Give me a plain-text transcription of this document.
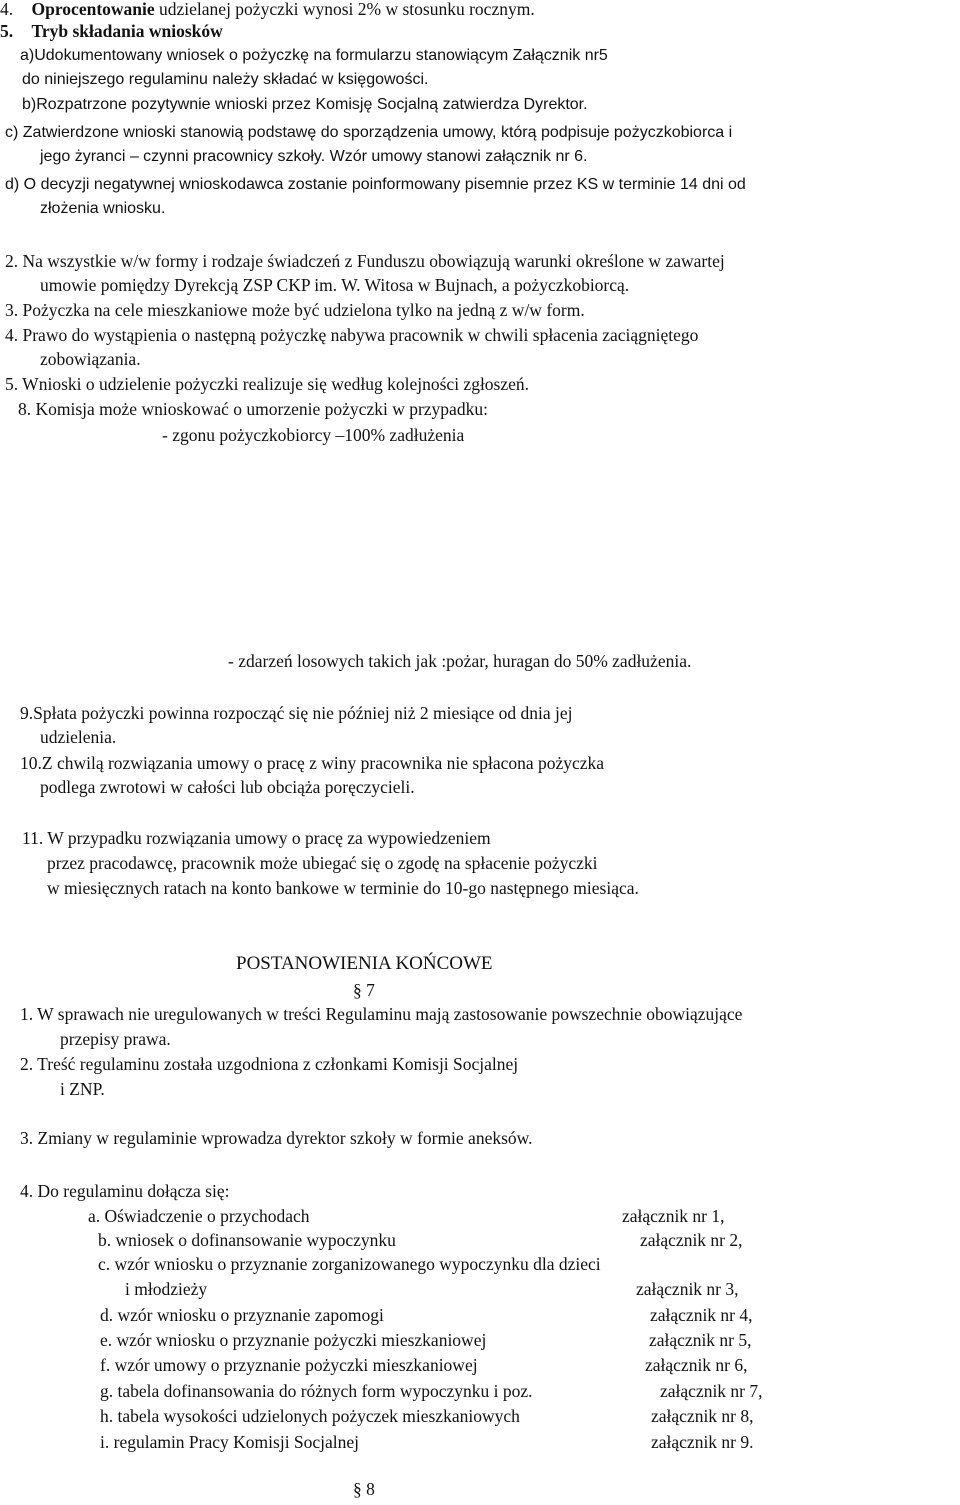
4. Oprocentowanie udzielanej pożyczki wynosi 2% w stosunku rocznym.
5. Tryb składania wniosków
a)Udokumentowany wniosek o pożyczkę na formularzu stanowiącym Załącznik nr5
do niniejszego regulaminu należy składać w księgowości.
b)Rozpatrzone pozytywnie wnioski przez Komisję Socjalną zatwierdza Dyrektor.
c) Zatwierdzone wnioski stanowią podstawę do sporządzenia umowy, którą podpisuje pożyczkobiorca i
jego żyranci – czynni pracownicy szkoły. Wzór umowy stanowi załącznik nr 6.
d) O decyzji negatywnej wnioskodawca zostanie poinformowany pisemnie przez KS w terminie 14 dni od
złożenia wniosku.
2. Na wszystkie w/w formy i rodzaje świadczeń z Funduszu obowiązują warunki określone w zawartej
umowie pomiędzy Dyrekcją ZSP CKP im. W. Witosa w Bujnach, a pożyczkobiorcą.
3. Pożyczka na cele mieszkaniowe może być udzielona tylko na jedną z w/w form.
4. Prawo do wystąpienia o następną pożyczkę nabywa pracownik w chwili spłacenia zaciągniętego
zobowiązania.
5. Wnioski o udzielenie pożyczki realizuje się według kolejności zgłoszeń.
8. Komisja może wnioskować o umorzenie pożyczki w przypadku:
- zgonu pożyczkobiorcy –100% zadłużenia
- zdarzeń losowych takich jak :pożar, huragan do 50% zadłużenia.
9.Spłata pożyczki powinna rozpocząć się nie później niż 2 miesiące od dnia jej
udzielenia.
10.Z chwilą rozwiązania umowy o pracę z winy pracownika nie spłacona pożyczka
podlega zwrotowi w całości lub obciąża poręczycieli.
11. W przypadku rozwiązania umowy o pracę za wypowiedzeniem
przez pracodawcę, pracownik może ubiegać się o zgodę na spłacenie pożyczki
w miesięcznych ratach na konto bankowe w terminie do 10-go następnego miesiąca.
POSTANOWIENIA KOŃCOWE
§ 7
1. W sprawach nie uregulowanych w treści Regulaminu mają zastosowanie powszechnie obowiązujące
przepisy prawa.
2. Treść regulaminu została uzgodniona z członkami Komisji Socjalnej
i ZNP.
3. Zmiany w regulaminie wprowadza dyrektor szkoły w formie aneksów.
4. Do regulaminu dołącza się:
a. Oświadczenie o przychodach	załącznik nr 1,
b. wniosek o dofinansowanie wypoczynku	załącznik nr 2,
c. wzór wniosku o przyznanie zorganizowanego wypoczynku dla dzieci
i młodzieży	załącznik nr 3,
d. wzór wniosku o przyznanie zapomogi	załącznik nr 4,
e. wzór wniosku o przyznanie pożyczki mieszkaniowej	załącznik nr 5,
f. wzór umowy o przyznanie pożyczki mieszkaniowej	załącznik nr 6,
g. tabela dofinansowania do różnych form wypoczynku i poz.	załącznik nr 7,
h. tabela wysokości udzielonych pożyczek mieszkaniowych	załącznik nr 8,
i. regulamin Pracy Komisji Socjalnej	załącznik nr 9.
§ 8
